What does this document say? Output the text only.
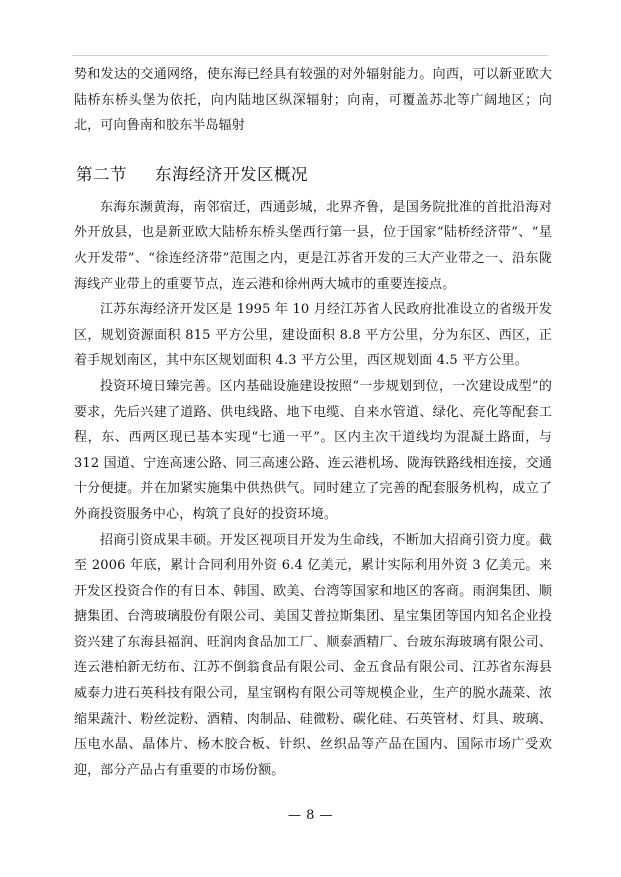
势和发达的交通网络，使东海已经具有较强的对外辐射能力。向西，可以新亚欧大陆桥东桥头堡为依托，向内陆地区纵深辐射；向南，可覆盖苏北等广阔地区；向北，可向鲁南和胶东半岛辐射

第二节 东海经济开发区概况

东海东濒黄海，南邻宿迁，西通彭城，北界齐鲁，是国务院批准的首批沿海对外开放县，也是新亚欧大陆桥东桥头堡西行第一县，位于国家“陆桥经济带”、“星火开发带”、“徐连经济带”范围之内，更是江苏省开发的三大产业带之一、沿东陇海线产业带上的重要节点，连云港和徐州两大城市的重要连接点。

江苏东海经济开发区是 1995 年 10 月经江苏省人民政府批准设立的省级开发区，规划资源面积 815 平方公里，建设面积 8.8 平方公里，分为东区、西区，正着手规划南区，其中东区规划面积 4.3 平方公里，西区规划面 4.5 平方公里。

投资环境日臻完善。区内基础设施建设按照“一步规划到位，一次建设成型”的要求，先后兴建了道路、供电线路、地下电缆、自来水管道、绿化、亮化等配套工程，东、西两区现已基本实现“七通一平”。区内主次干道线均为混凝土路面，与 312 国道、宁连高速公路、同三高速公路、连云港机场、陇海铁路线相连接，交通十分便捷。并在加紧实施集中供热供气。同时建立了完善的配套服务机构，成立了外商投资服务中心，构筑了良好的投资环境。

招商引资成果丰硕。开发区视项目开发为生命线，不断加大招商引资力度。截至 2006 年底，累计合同利用外资 6.4 亿美元，累计实际利用外资 3 亿美元。来开发区投资合作的有日本、韩国、欧美、台湾等国家和地区的客商。雨润集团、顺搪集团、台湾玻璃股份有限公司、美国艾普拉斯集团、星宝集团等国内知名企业投资兴建了东海县福润、旺润肉食品加工厂、顺泰酒精厂、台玻东海玻璃有限公司、连云港柏新无纺布、江苏不倒翁食品有限公司、金五食品有限公司、江苏省东海县威泰力进石英科技有限公司，星宝钢构有限公司等规模企业，生产的脱水蔬菜、浓缩果蔬汁、粉丝淀粉、酒精、肉制品、硅微粉、碳化硅、石英管材、灯具、玻璃、压电水晶、晶体片、杨木胶合板、针织、丝织品等产品在国内、国际市场广受欢迎，部分产品占有重要的市场份额。

— 8 —
